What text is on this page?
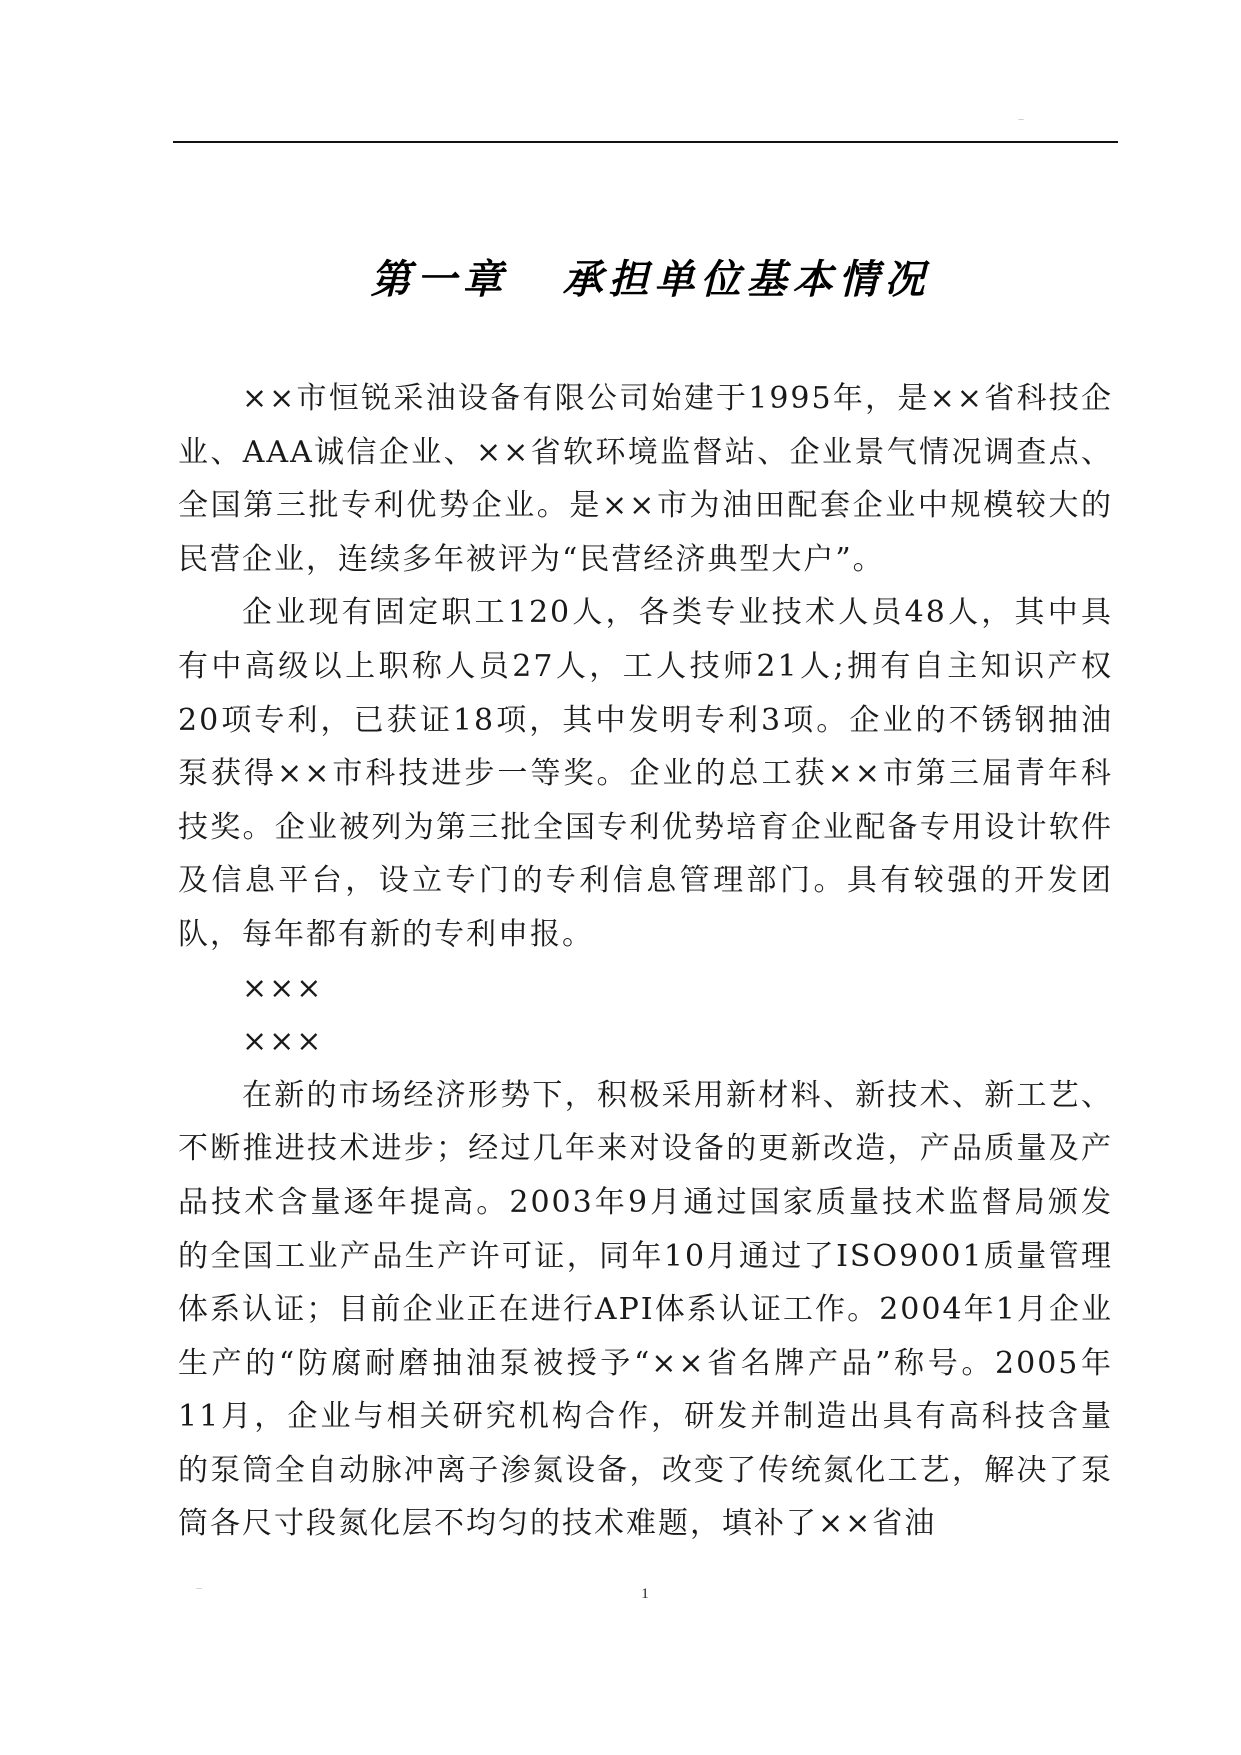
—
第一章 承担单位基本情况

××市恒锐采油设备有限公司始建于1995年，是××省科技企业、AAA诚信企业、××省软环境监督站、企业景气情况调查点、全国第三批专利优势企业。是××市为油田配套企业中规模较大的民营企业，连续多年被评为“民营经济典型大户”。

企业现有固定职工120人，各类专业技术人员48人，其中具有中高级以上职称人员27人，工人技师21人;拥有自主知识产权20项专利，已获证18项，其中发明专利3项。企业的不锈钢抽油泵获得××市科技进步一等奖。企业的总工获××市第三届青年科技奖。企业被列为第三批全国专利优势培育企业配备专用设计软件及信息平台，设立专门的专利信息管理部门。具有较强的开发团队，每年都有新的专利申报。

×××

×××

在新的市场经济形势下，积极采用新材料、新技术、新工艺、不断推进技术进步；经过几年来对设备的更新改造，产品质量及产品技术含量逐年提高。2003年9月通过国家质量技术监督局颁发的全国工业产品生产许可证，同年10月通过了ISO9001质量管理体系认证；目前企业正在进行API体系认证工作。2004年1月企业生产的“防腐耐磨抽油泵被授予“××省名牌产品”称号。2005年11月，企业与相关研究机构合作，研发并制造出具有高科技含量的泵筒全自动脉冲离子渗氮设备，改变了传统氮化工艺，解决了泵筒各尺寸段氮化层不均匀的技术难题，填补了××省油

—	1
